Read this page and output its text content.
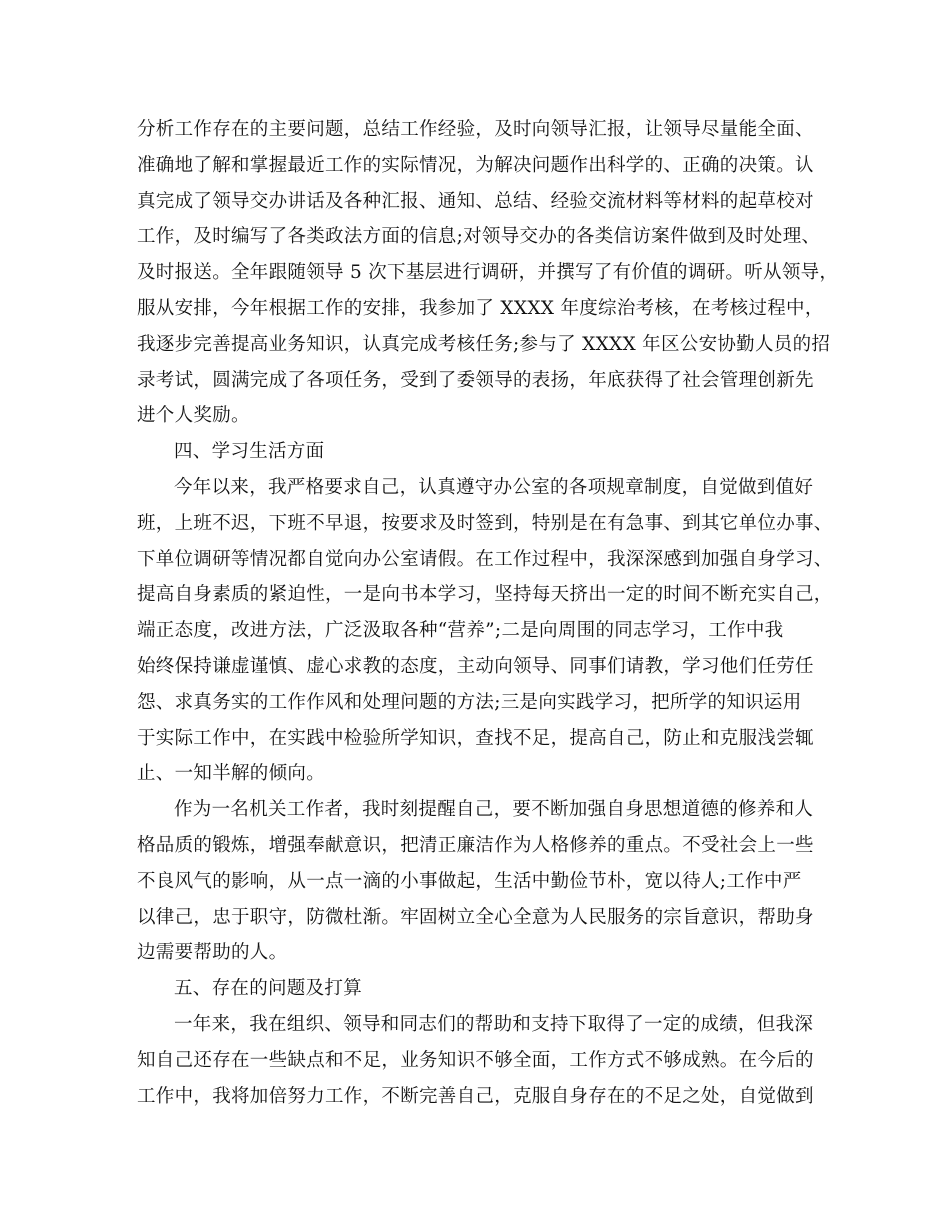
分析工作存在的主要问题，总结工作经验，及时向领导汇报，让领导尽量能全面、
准确地了解和掌握最近工作的实际情况，为解决问题作出科学的、正确的决策。认
真完成了领导交办讲话及各种汇报、通知、总结、经验交流材料等材料的起草校对
工作，及时编写了各类政法方面的信息;对领导交办的各类信访案件做到及时处理、
及时报送。全年跟随领导 5 次下基层进行调研，并撰写了有价值的调研。听从领导，
服从安排，今年根据工作的安排，我参加了 XXXX 年度综治考核，在考核过程中，
我逐步完善提高业务知识，认真完成考核任务;参与了 XXXX 年区公安协勤人员的招
录考试，圆满完成了各项任务，受到了委领导的表扬，年底获得了社会管理创新先
进个人奖励。
四、学习生活方面
今年以来，我严格要求自己，认真遵守办公室的各项规章制度，自觉做到值好
班，上班不迟，下班不早退，按要求及时签到，特别是在有急事、到其它单位办事、
下单位调研等情况都自觉向办公室请假。在工作过程中，我深深感到加强自身学习、
提高自身素质的紧迫性，一是向书本学习，坚持每天挤出一定的时间不断充实自己，
端正态度，改进方法，广泛汲取各种“营养”;二是向周围的同志学习，工作中我
始终保持谦虚谨慎、虚心求教的态度，主动向领导、同事们请教，学习他们任劳任
怨、求真务实的工作作风和处理问题的方法;三是向实践学习，把所学的知识运用
于实际工作中，在实践中检验所学知识，查找不足，提高自己，防止和克服浅尝辄
止、一知半解的倾向。
作为一名机关工作者，我时刻提醒自己，要不断加强自身思想道德的修养和人
格品质的锻炼，增强奉献意识，把清正廉洁作为人格修养的重点。不受社会上一些
不良风气的影响，从一点一滴的小事做起，生活中勤俭节朴，宽以待人;工作中严
以律己，忠于职守，防微杜渐。牢固树立全心全意为人民服务的宗旨意识，帮助身
边需要帮助的人。
五、存在的问题及打算
一年来，我在组织、领导和同志们的帮助和支持下取得了一定的成绩，但我深
知自己还存在一些缺点和不足，业务知识不够全面，工作方式不够成熟。在今后的
工作中，我将加倍努力工作，不断完善自己，克服自身存在的不足之处，自觉做到
